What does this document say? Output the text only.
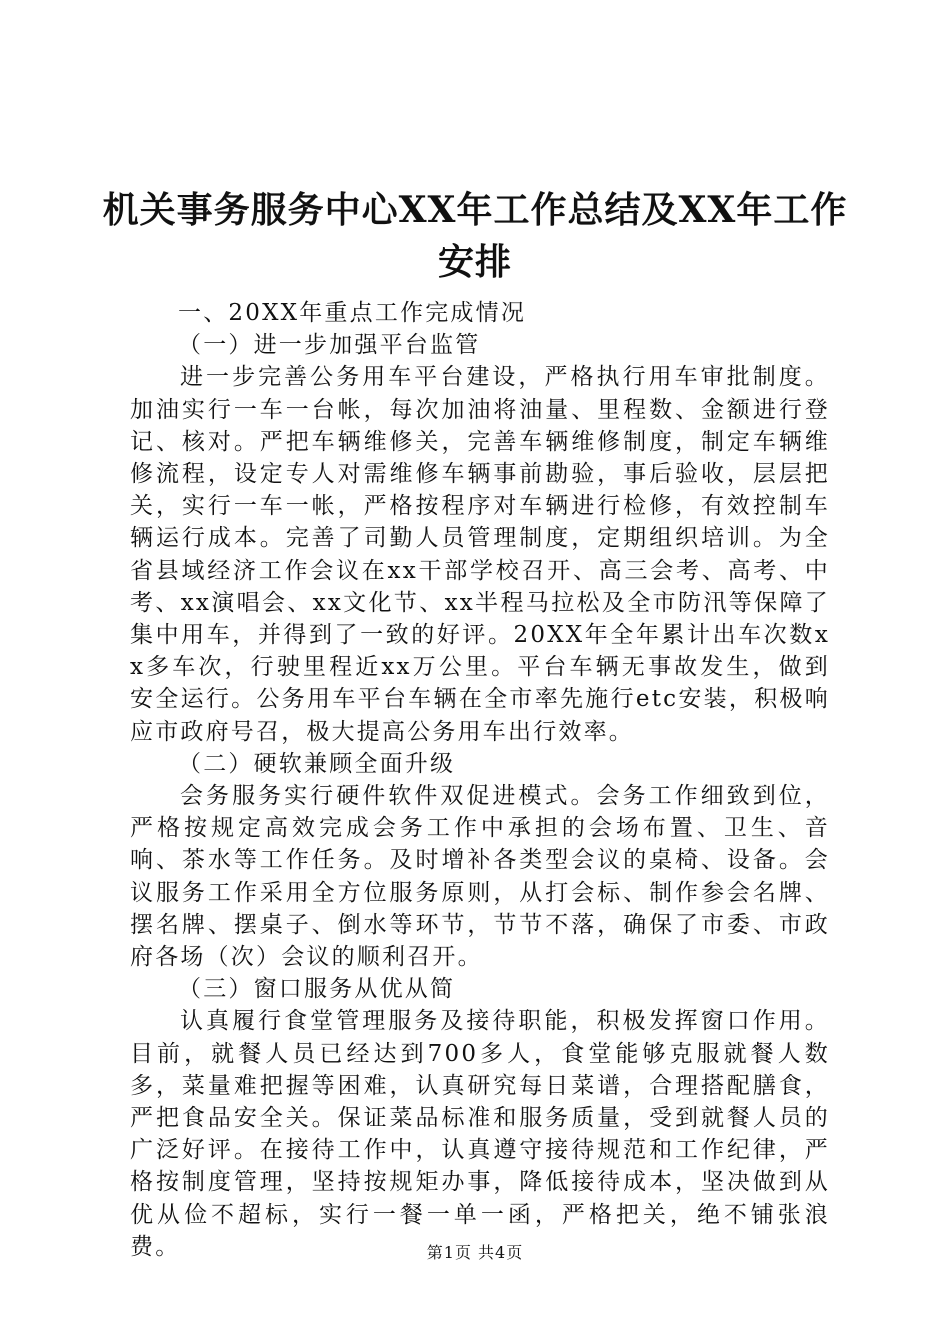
机关事务服务中心XX年工作总结及XX年工作
安排
一、20XX年重点工作完成情况
（一）进一步加强平台监管
进一步完善公务用车平台建设，严格执行用车审批制度。加油实行一车一台帐，每次加油将油量、里程数、金额进行登记、核对。严把车辆维修关，完善车辆维修制度，制定车辆维修流程，设定专人对需维修车辆事前勘验，事后验收，层层把关，实行一车一帐，严格按程序对车辆进行检修，有效控制车辆运行成本。完善了司勤人员管理制度，定期组织培训。为全省县域经济工作会议在xx干部学校召开、高三会考、高考、中考、xx演唱会、xx文化节、xx半程马拉松及全市防汛等保障了集中用车，并得到了一致的好评。20XX年全年累计出车次数xx多车次，行驶里程近xx万公里。平台车辆无事故发生，做到安全运行。公务用车平台车辆在全市率先施行etc安装，积极响应市政府号召，极大提高公务用车出行效率。
（二）硬软兼顾全面升级
会务服务实行硬件软件双促进模式。会务工作细致到位，严格按规定高效完成会务工作中承担的会场布置、卫生、音响、茶水等工作任务。及时增补各类型会议的桌椅、设备。会议服务工作采用全方位服务原则，从打会标、制作参会名牌、摆名牌、摆桌子、倒水等环节，节节不落，确保了市委、市政府各场（次）会议的顺利召开。
（三）窗口服务从优从简
认真履行食堂管理服务及接待职能，积极发挥窗口作用。目前，就餐人员已经达到700多人，食堂能够克服就餐人数多，菜量难把握等困难，认真研究每日菜谱，合理搭配膳食，严把食品安全关。保证菜品标准和服务质量，受到就餐人员的广泛好评。在接待工作中，认真遵守接待规范和工作纪律，严格按制度管理，坚持按规矩办事，降低接待成本，坚决做到从优从俭不超标，实行一餐一单一函，严格把关，绝不铺张浪费。	第1页 共4页
